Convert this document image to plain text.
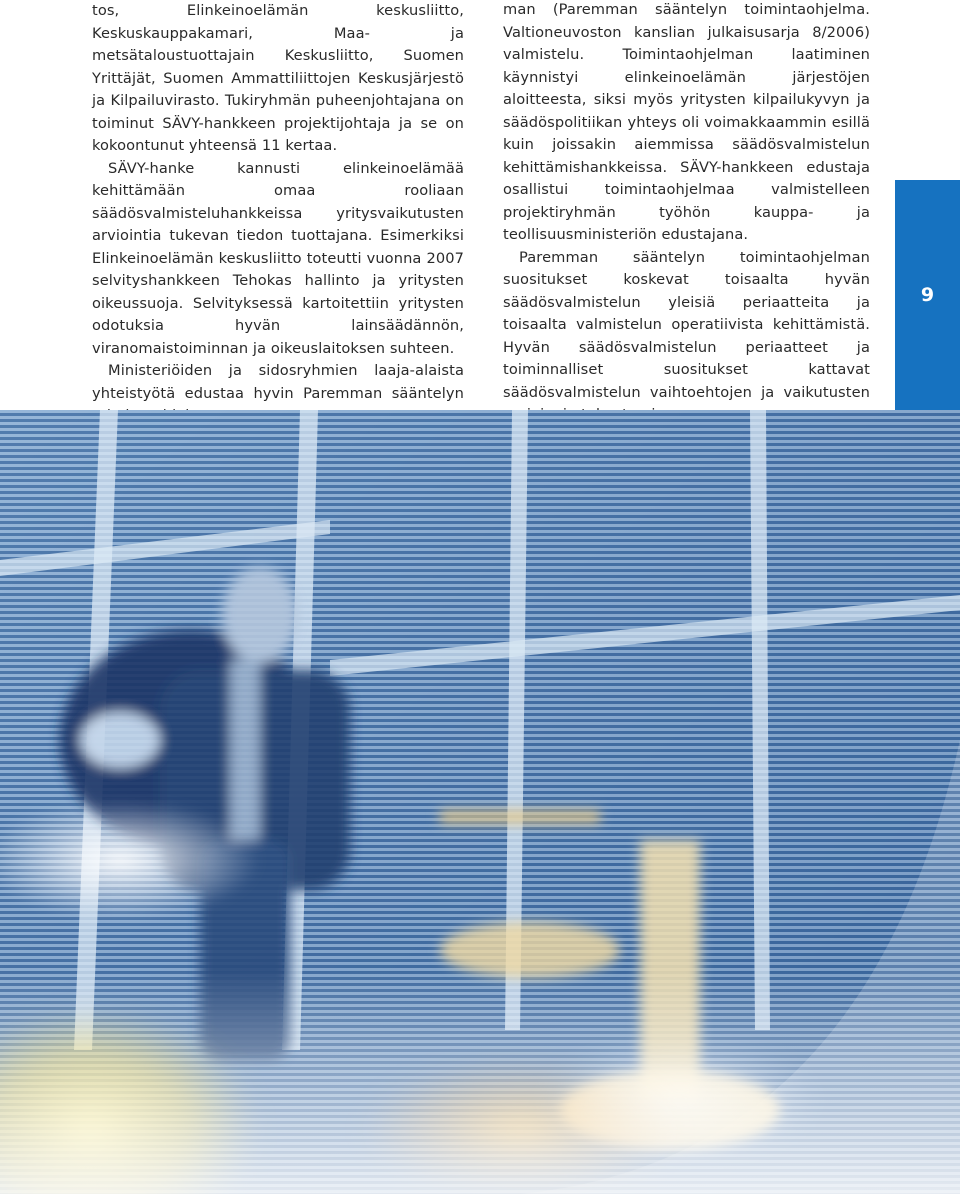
tos, Elinkeinoelämän keskusliitto, Keskuskauppakamari, Maa- ja metsätaloustuottajain Keskusliitto, Suomen Yrittäjät, Suomen Ammattiliittojen Keskusjärjestö ja Kilpailuvirasto. Tukiryhmän puheenjohtajana on toiminut SÄVY-hankkeen projektijohtaja ja se on kokoontunut yhteensä 11 kertaa.

SÄVY-hanke kannusti elinkeinoelämää kehittämään omaa rooliaan säädösvalmisteluhankkeissa yritysvaikutusten arviointia tukevan tiedon tuottajana. Esimerkiksi Elinkeinoelämän keskusliitto toteutti vuonna 2007 selvityshankkeen Tehokas hallinto ja yritysten oikeussuoja. Selvityksessä kartoitettiin yritysten odotuksia hyvän lainsäädännön, viranomaistoiminnan ja oikeuslaitoksen suhteen.

Ministeriöiden ja sidosryhmien laaja-alaista yhteistyötä edustaa hyvin Paremman sääntelyn

man (Paremman sääntelyn toimintaohjelma. Valtioneuvoston kanslian julkaisusarja 8/2006) valmistelu. Toimintaohjelman laatiminen käynnistyi elinkeinoelämän järjestöjen aloitteesta, siksi myös yritysten kilpailukyvyn ja säädöspolitiikan yhteys oli voimakkaammin esillä kuin joissakin aiemmissa säädösvalmistelun kehittämishankkeissa. SÄVY-hankkeen edustaja osallistui toimintaohjelmaa valmistelleen projektiryhmän työhön kauppa- ja teollisuusministeriön edustajana.

Paremman sääntelyn toimintaohjelman suositukset koskevat toisaalta hyvän säädösvalmistelun yleisiä periaatteita ja toisaalta valmistelun operatiivista kehittämistä. Hyvän säädösvalmistelun periaatteet ja toiminnalliset suositukset kattavat säädösvalmistelun vaihtoehtojen ja vaikutusten

9
